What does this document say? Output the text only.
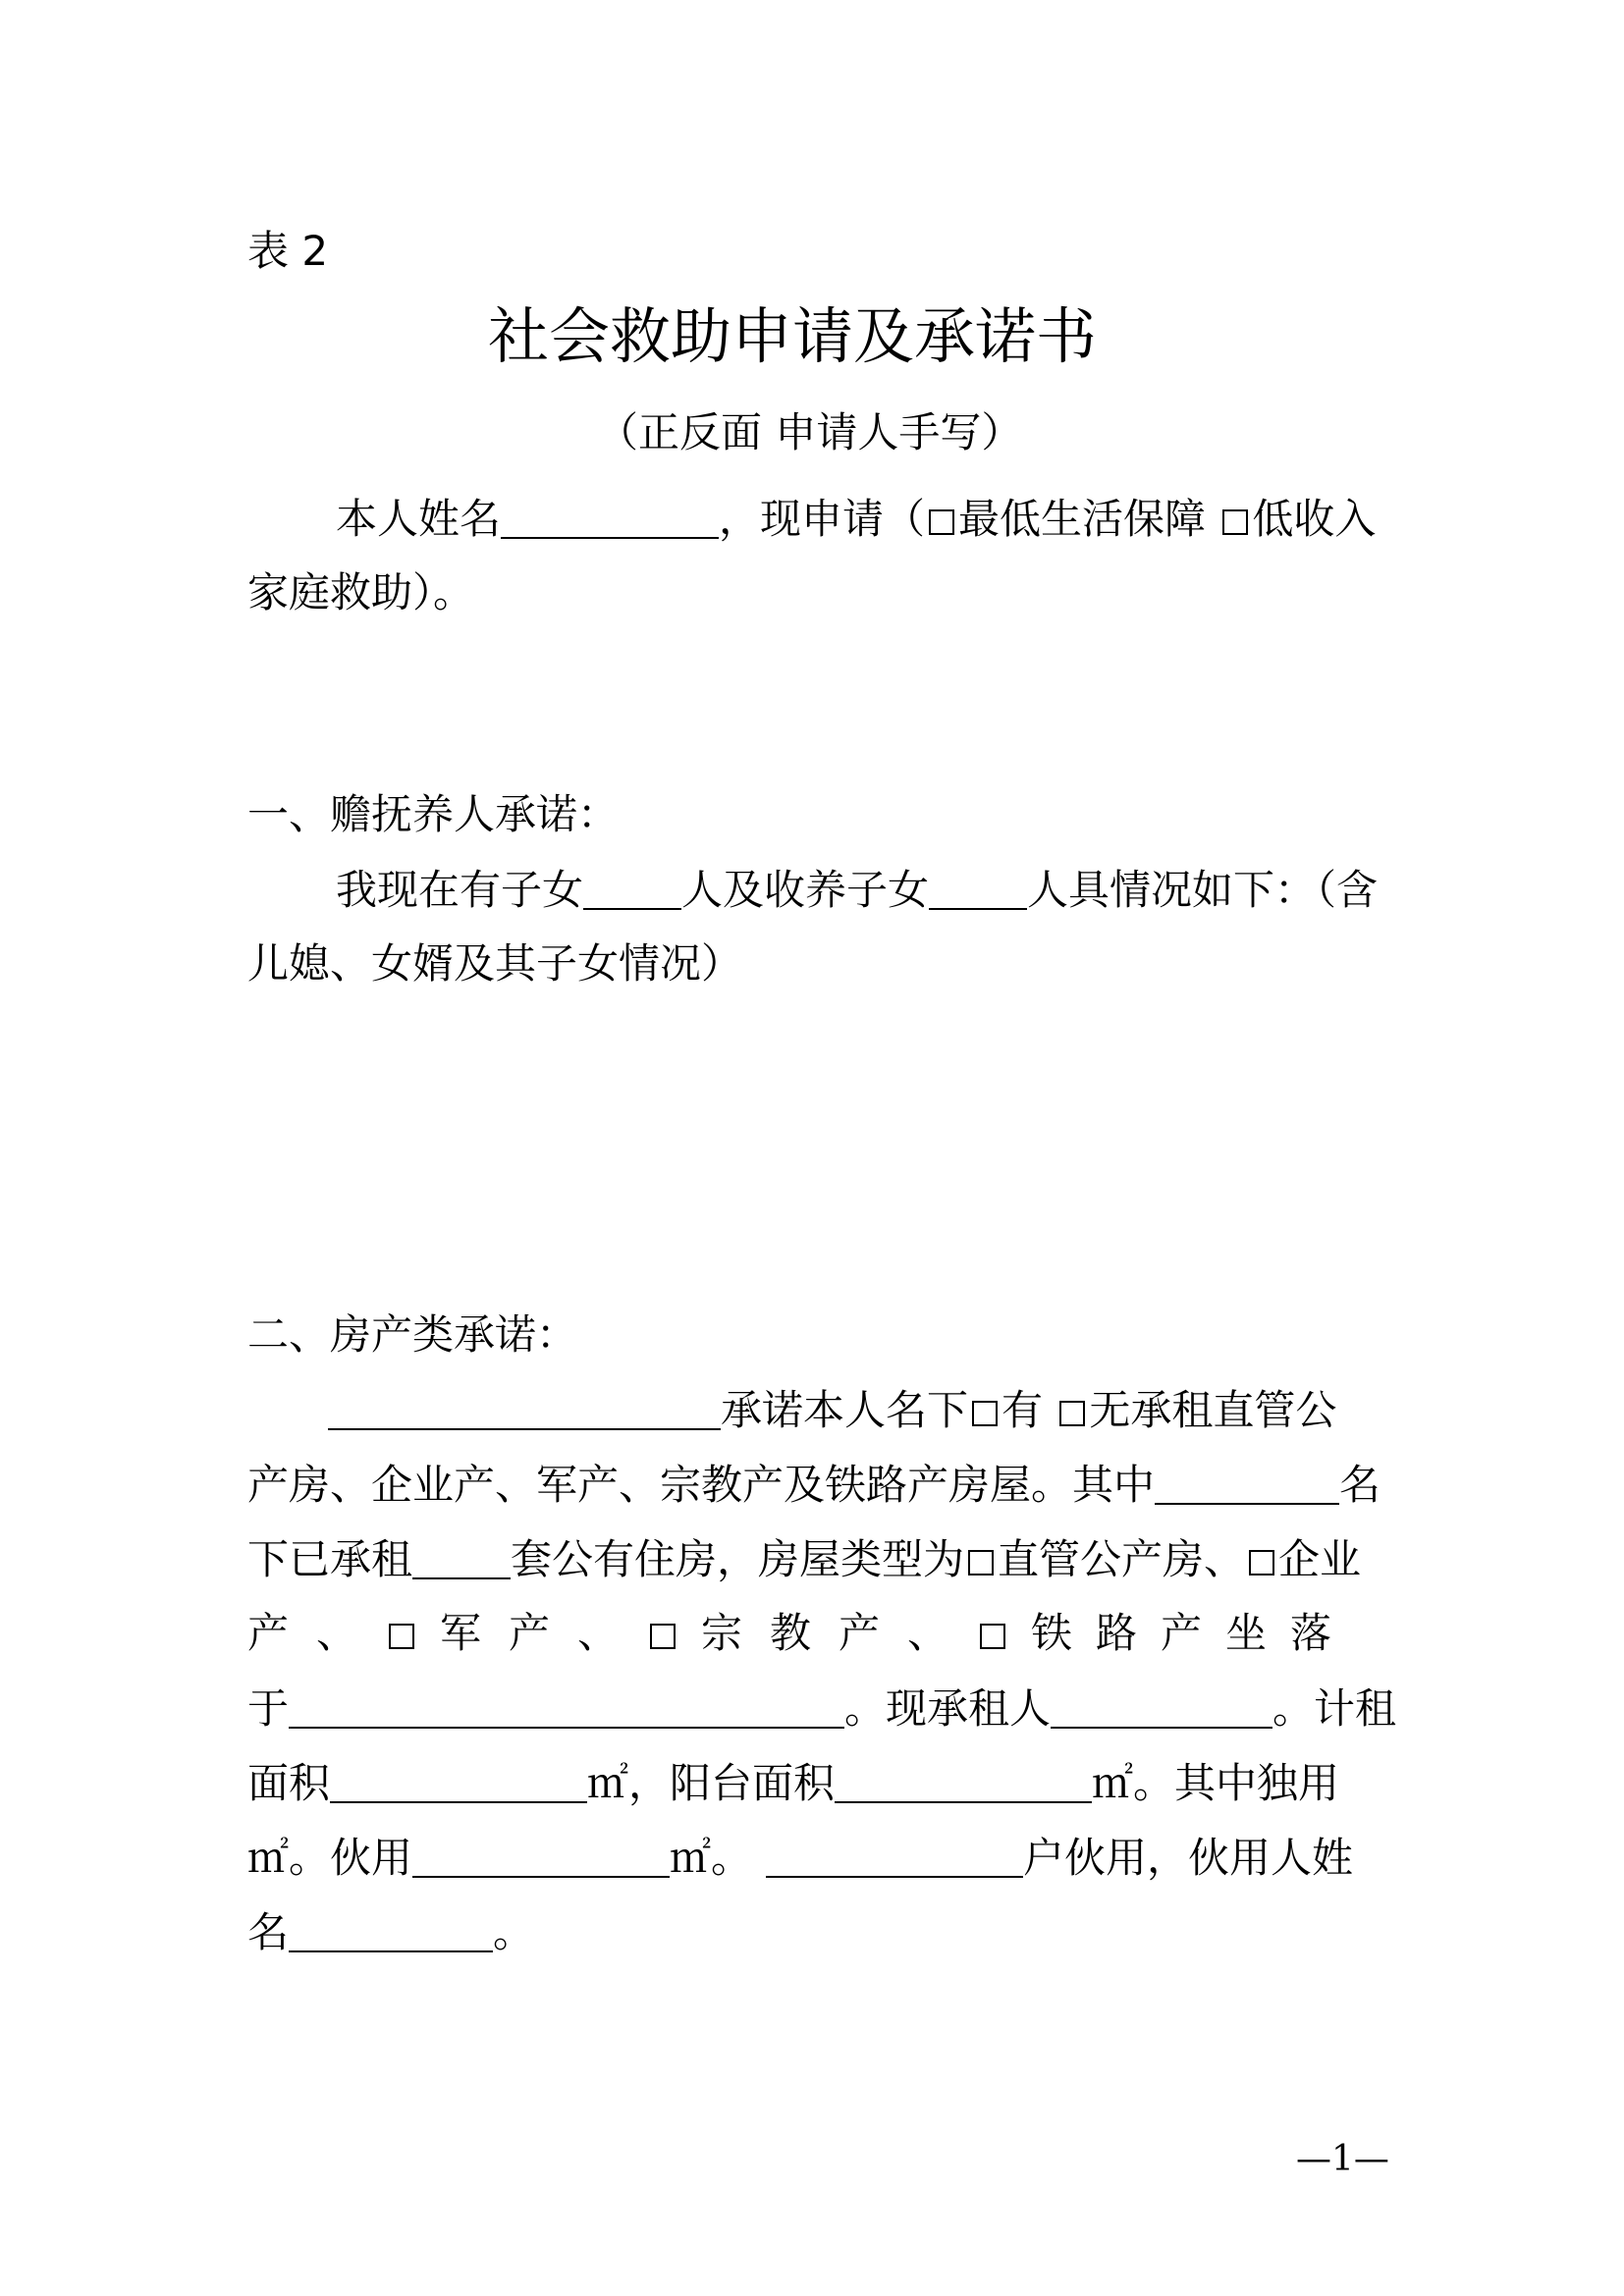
表 2
社会救助申请及承诺书
（正反面 申请人手写）
本人姓名	，现申请（ 最低生活保障 低收入
家庭救助）。
一、赡抚养人承诺：
我现在有子女 人及收养子女 人具情况如下：（含
儿媳、女婿及其子女情况）
二、房产类承诺：
承诺本人名下 有 无承租直管公
产房、企业产、军产、宗教产及铁路产房屋。其中	名
下已承租 套公有住房，房屋类型为 直管公产房、 企业
产、 军产、 宗教产、 铁路产坐落
于	。现承租人	。计租
面积	㎡，阳台面积	㎡。其中独用
㎡。伙用	㎡。	户伙用，伙用人姓
名	。
—1—
